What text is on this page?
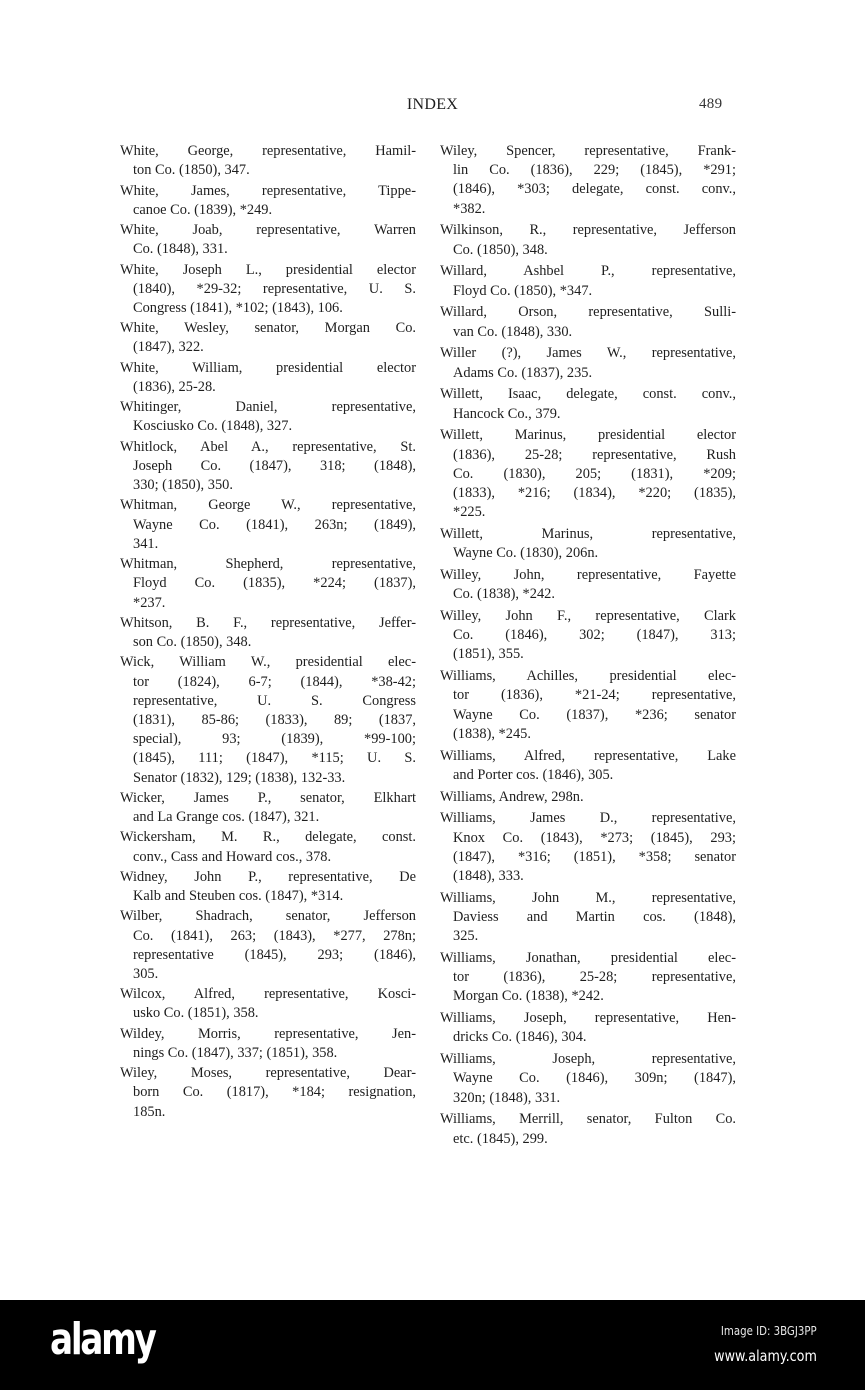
INDEX	489
White, George, representative, Hamil-
ton Co. (1850), 347.
White, James, representative, Tippe-
canoe Co. (1839), *249.
White, Joab, representative, Warren
Co. (1848), 331.
White, Joseph L., presidential elector
(1840), *29-32; representative, U. S.
Congress (1841), *102; (1843), 106.
White, Wesley, senator, Morgan Co.
(1847), 322.
White, William, presidential elector
(1836), 25-28.
Whitinger, Daniel, representative,
Kosciusko Co. (1848), 327.
Whitlock, Abel A., representative, St.
Joseph Co. (1847), 318; (1848),
330; (1850), 350.
Whitman, George W., representative,
Wayne Co. (1841), 263n; (1849),
341.
Whitman, Shepherd, representative,
Floyd Co. (1835), *224; (1837),
*237.
Whitson, B. F., representative, Jeffer-
son Co. (1850), 348.
Wick, William W., presidential elec-
tor (1824), 6-7; (1844), *38-42;
representative, U. S. Congress
(1831), 85-86; (1833), 89; (1837,
special), 93; (1839), *99-100;
(1845), 111; (1847), *115; U. S.
Senator (1832), 129; (1838), 132-33.
Wicker, James P., senator, Elkhart
and La Grange cos. (1847), 321.
Wickersham, M. R., delegate, const.
conv., Cass and Howard cos., 378.
Widney, John P., representative, De
Kalb and Steuben cos. (1847), *314.
Wilber, Shadrach, senator, Jefferson
Co. (1841), 263; (1843), *277, 278n;
representative (1845), 293; (1846),
305.
Wilcox, Alfred, representative, Kosci-
usko Co. (1851), 358.
Wildey, Morris, representative, Jen-
nings Co. (1847), 337; (1851), 358.
Wiley, Moses, representative, Dear-
born Co. (1817), *184; resignation,
185n.
Wiley, Spencer, representative, Frank-
lin Co. (1836), 229; (1845), *291;
(1846), *303; delegate, const. conv.,
*382.
Wilkinson, R., representative, Jefferson
Co. (1850), 348.
Willard, Ashbel P., representative,
Floyd Co. (1850), *347.
Willard, Orson, representative, Sulli-
van Co. (1848), 330.
Willer (?), James W., representative,
Adams Co. (1837), 235.
Willett, Isaac, delegate, const. conv.,
Hancock Co., 379.
Willett, Marinus, presidential elector
(1836), 25-28; representative, Rush
Co. (1830), 205; (1831), *209;
(1833), *216; (1834), *220; (1835),
*225.
Willett, Marinus, representative,
Wayne Co. (1830), 206n.
Willey, John, representative, Fayette
Co. (1838), *242.
Willey, John F., representative, Clark
Co. (1846), 302; (1847), 313;
(1851), 355.
Williams, Achilles, presidential elec-
tor (1836), *21-24; representative,
Wayne Co. (1837), *236; senator
(1838), *245.
Williams, Alfred, representative, Lake
and Porter cos. (1846), 305.
Williams, Andrew, 298n.
Williams, James D., representative,
Knox Co. (1843), *273; (1845), 293;
(1847), *316; (1851), *358; senator
(1848), 333.
Williams, John M., representative,
Daviess and Martin cos. (1848),
325.
Williams, Jonathan, presidential elec-
tor (1836), 25-28; representative,
Morgan Co. (1838), *242.
Williams, Joseph, representative, Hen-
dricks Co. (1846), 304.
Williams, Joseph, representative,
Wayne Co. (1846), 309n; (1847),
320n; (1848), 331.
Williams, Merrill, senator, Fulton Co.
etc. (1845), 299.
alamy	Image ID: 3BGJ3PP
www.alamy.com
